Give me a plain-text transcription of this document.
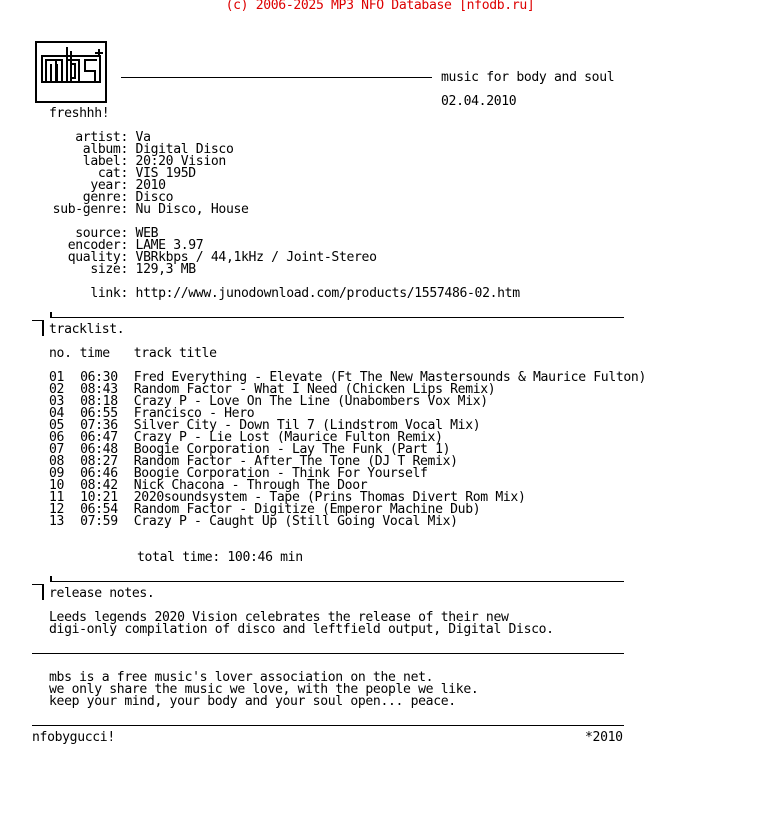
(c) 2006-2025 MP3 NFO Database [nfodb.ru]
music for body and soul
02.04.2010
freshhh!
artist: Va
album: Digital Disco
label: 20:20 Vision
cat: VIS 195D
year: 2010
genre: Disco
sub-genre: Nu Disco, House
source: WEB
encoder: LAME 3.97
quality: VBRkbps / 44,1kHz / Joint-Stereo
size: 129,3 MB
link: http://www.junodownload.com/products/1557486-02.htm
tracklist.
no. time track title
01 06:30 Fred Everything - Elevate (Ft The New Mastersounds & Maurice Fulton)
02 08:43 Random Factor - What I Need (Chicken Lips Remix)
03 08:18 Crazy P - Love On The Line (Unabombers Vox Mix)
04 06:55 Francisco - Hero
05 07:36 Silver City - Down Til 7 (Lindstrom Vocal Mix)
06 06:47 Crazy P - Lie Lost (Maurice Fulton Remix)
07 06:48 Boogie Corporation - Lay The Funk (Part 1)
08 08:27 Random Factor - After The Tone (DJ T Remix)
09 06:46 Boogie Corporation - Think For Yourself
10 08:42 Nick Chacona - Through The Door
11 10:21 2020soundsystem - Tape (Prins Thomas Divert Rom Mix)
12 06:54 Random Factor - Digitize (Emperor Machine Dub)
13 07:59 Crazy P - Caught Up (Still Going Vocal Mix)
total time: 100:46 min
release notes.
Leeds legends 2020 Vision celebrates the release of their new
digi-only compilation of disco and leftfield output, Digital Disco.
mbs is a free music's lover association on the net.
we only share the music we love, with the people we like.
keep your mind, your body and your soul open... peace.
nfobygucci!	*2010
